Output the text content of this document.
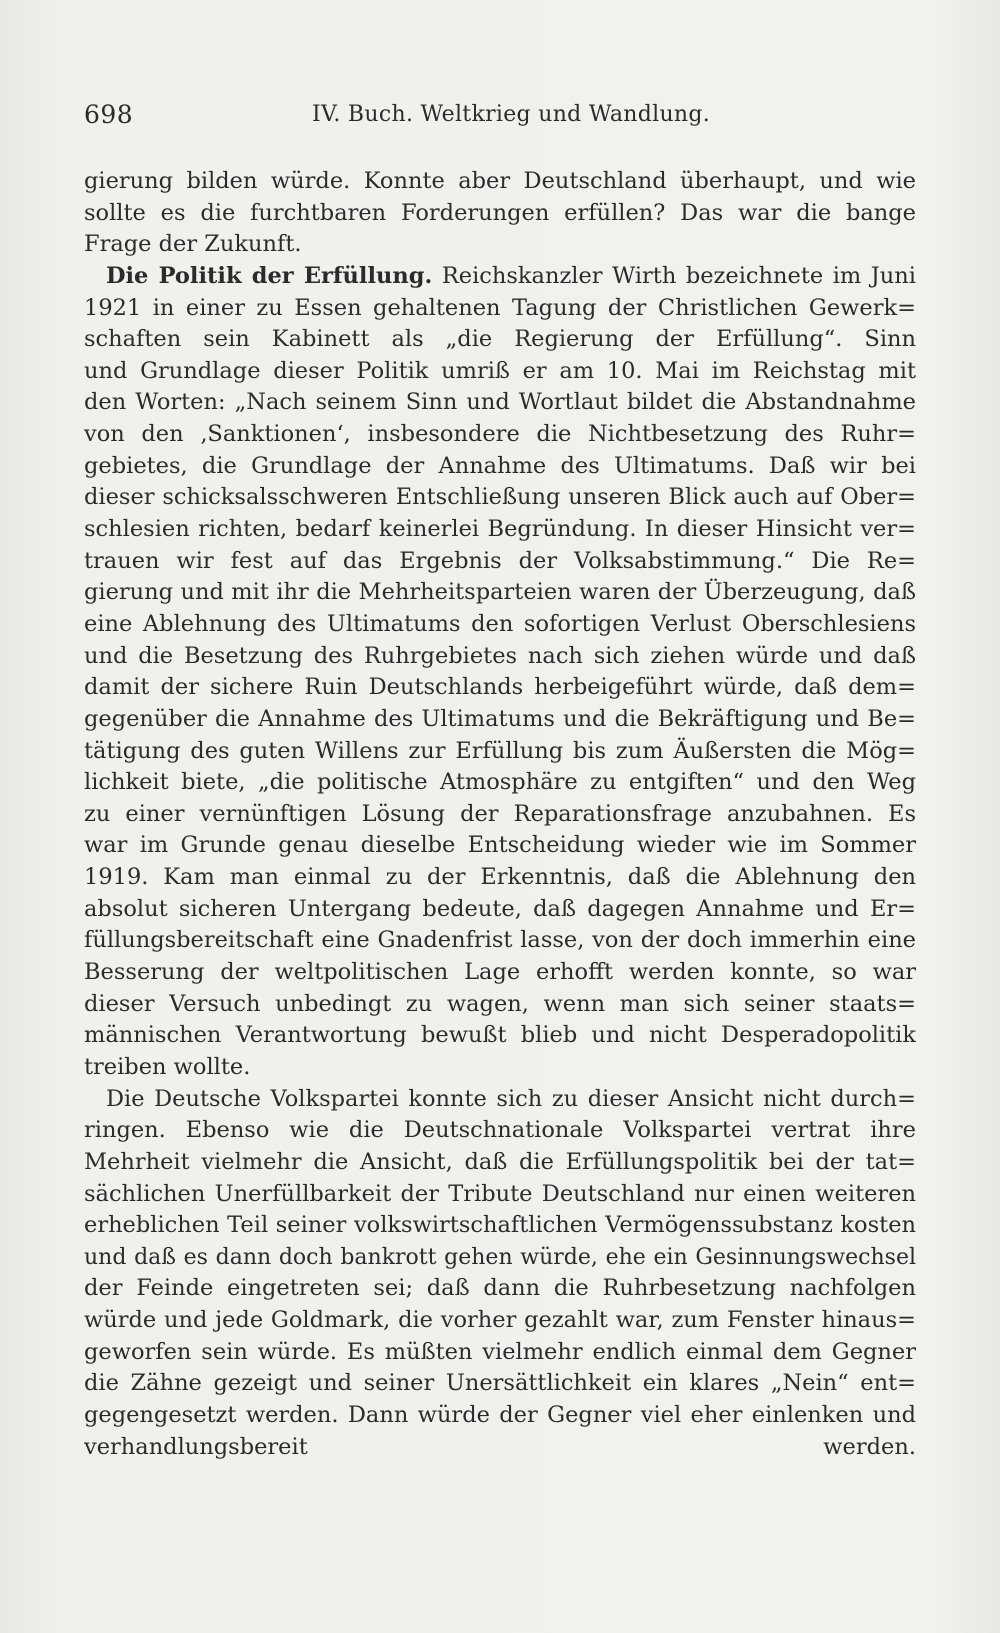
698	IV. Buch. Weltkrieg und Wandlung.
gierung bilden würde. Konnte aber Deutschland überhaupt, und wie
sollte es die furchtbaren Forderungen erfüllen? Das war die bange
Frage der Zukunft.
Die Politik der Erfüllung. Reichskanzler Wirth bezeichnete im Juni
1921 in einer zu Essen gehaltenen Tagung der Christlichen Gewerk=
schaften sein Kabinett als „die Regierung der Erfüllung“. Sinn
und Grundlage dieser Politik umriß er am 10. Mai im Reichstag mit
den Worten: „Nach seinem Sinn und Wortlaut bildet die Abstandnahme
von den ‚Sanktionen‘, insbesondere die Nichtbesetzung des Ruhr=
gebietes, die Grundlage der Annahme des Ultimatums. Daß wir bei
dieser schicksalsschweren Entschließung unseren Blick auch auf Ober=
schlesien richten, bedarf keinerlei Begründung. In dieser Hinsicht ver=
trauen wir fest auf das Ergebnis der Volksabstimmung.“ Die Re=
gierung und mit ihr die Mehrheitsparteien waren der Überzeugung, daß
eine Ablehnung des Ultimatums den sofortigen Verlust Oberschlesiens
und die Besetzung des Ruhrgebietes nach sich ziehen würde und daß
damit der sichere Ruin Deutschlands herbeigeführt würde, daß dem=
gegenüber die Annahme des Ultimatums und die Bekräftigung und Be=
tätigung des guten Willens zur Erfüllung bis zum Äußersten die Mög=
lichkeit biete, „die politische Atmosphäre zu entgiften“ und den Weg
zu einer vernünftigen Lösung der Reparationsfrage anzubahnen. Es
war im Grunde genau dieselbe Entscheidung wieder wie im Sommer
1919. Kam man einmal zu der Erkenntnis, daß die Ablehnung den
absolut sicheren Untergang bedeute, daß dagegen Annahme und Er=
füllungsbereitschaft eine Gnadenfrist lasse, von der doch immerhin eine
Besserung der weltpolitischen Lage erhofft werden konnte, so war
dieser Versuch unbedingt zu wagen, wenn man sich seiner staats=
männischen Verantwortung bewußt blieb und nicht Desperadopolitik
treiben wollte.
Die Deutsche Volkspartei konnte sich zu dieser Ansicht nicht durch=
ringen. Ebenso wie die Deutschnationale Volkspartei vertrat ihre
Mehrheit vielmehr die Ansicht, daß die Erfüllungspolitik bei der tat=
sächlichen Unerfüllbarkeit der Tribute Deutschland nur einen weiteren
erheblichen Teil seiner volkswirtschaftlichen Vermögenssubstanz kosten
und daß es dann doch bankrott gehen würde, ehe ein Gesinnungswechsel
der Feinde eingetreten sei; daß dann die Ruhrbesetzung nachfolgen
würde und jede Goldmark, die vorher gezahlt war, zum Fenster hinaus=
geworfen sein würde. Es müßten vielmehr endlich einmal dem Gegner
die Zähne gezeigt und seiner Unersättlichkeit ein klares „Nein“ ent=
gegengesetzt werden. Dann würde der Gegner viel eher einlenken und
verhandlungsbereit werden.
